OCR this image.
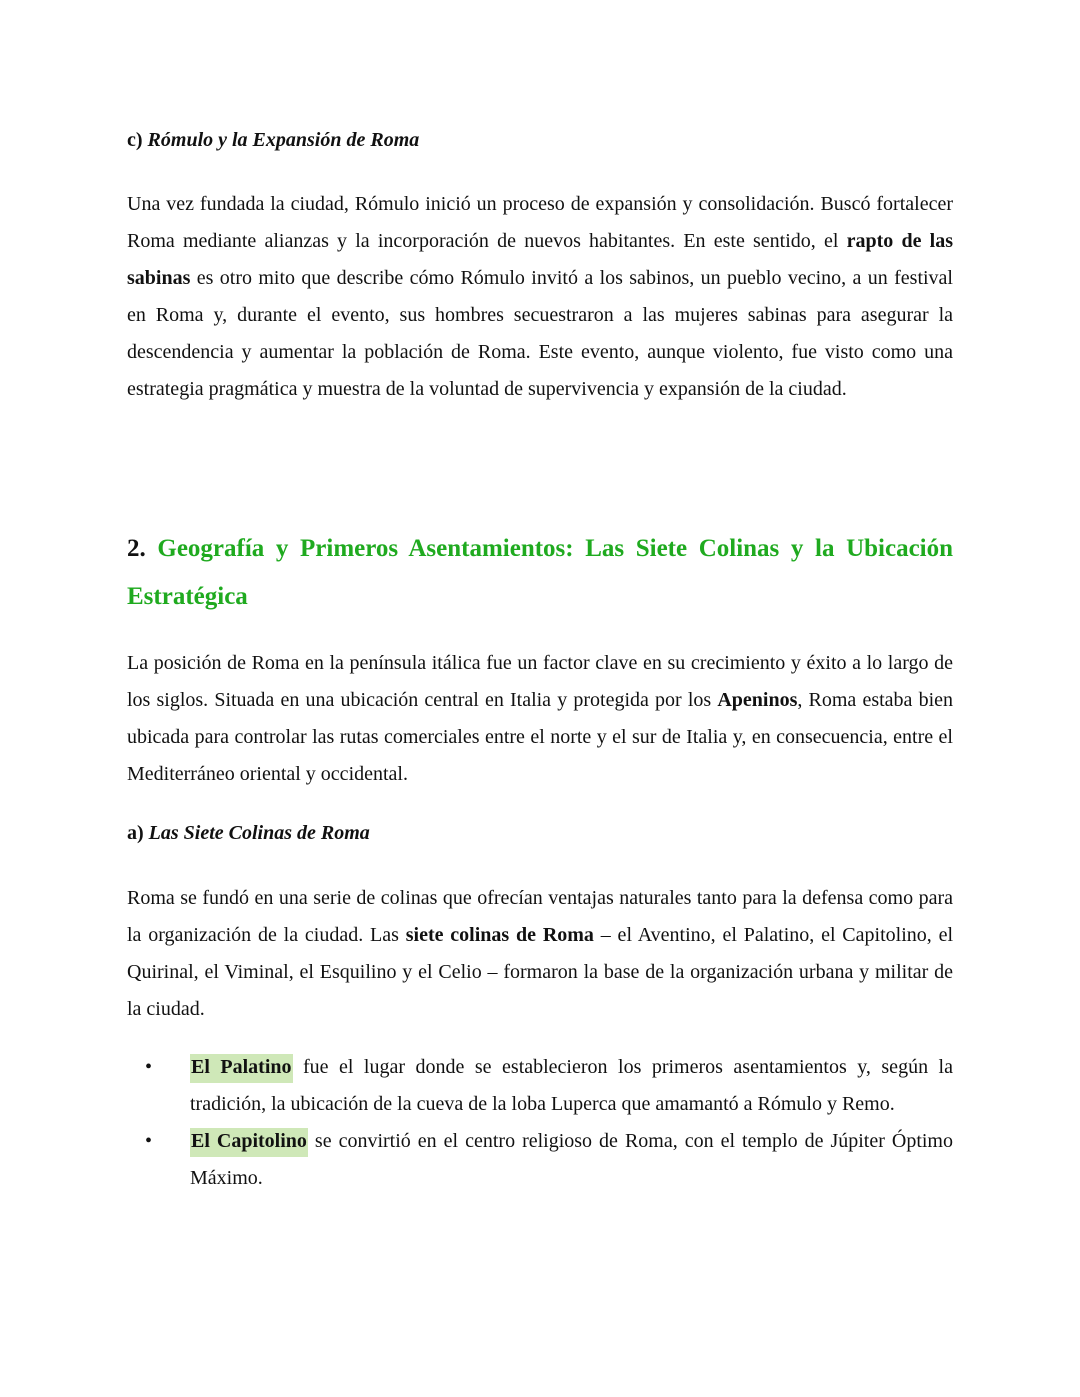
c) Rómulo y la Expansión de Roma

Una vez fundada la ciudad, Rómulo inició un proceso de expansión y consolidación. Buscó fortalecer Roma mediante alianzas y la incorporación de nuevos habitantes. En este sentido, el rapto de las sabinas es otro mito que describe cómo Rómulo invitó a los sabinos, un pueblo vecino, a un festival en Roma y, durante el evento, sus hombres secuestraron a las mujeres sabinas para asegurar la descendencia y aumentar la población de Roma. Este evento, aunque violento, fue visto como una estrategia pragmática y muestra de la voluntad de supervivencia y expansión de la ciudad.

2. Geografía y Primeros Asentamientos: Las Siete Colinas y la Ubicación Estratégica

La posición de Roma en la península itálica fue un factor clave en su crecimiento y éxito a lo largo de los siglos. Situada en una ubicación central en Italia y protegida por los Apeninos, Roma estaba bien ubicada para controlar las rutas comerciales entre el norte y el sur de Italia y, en consecuencia, entre el Mediterráneo oriental y occidental.

a) Las Siete Colinas de Roma

Roma se fundó en una serie de colinas que ofrecían ventajas naturales tanto para la defensa como para la organización de la ciudad. Las siete colinas de Roma – el Aventino, el Palatino, el Capitolino, el Quirinal, el Viminal, el Esquilino y el Celio – formaron la base de la organización urbana y militar de la ciudad.

• El Palatino fue el lugar donde se establecieron los primeros asentamientos y, según la tradición, la ubicación de la cueva de la loba Luperca que amamantó a Rómulo y Remo.
• El Capitolino se convirtió en el centro religioso de Roma, con el templo de Júpiter Óptimo Máximo.
